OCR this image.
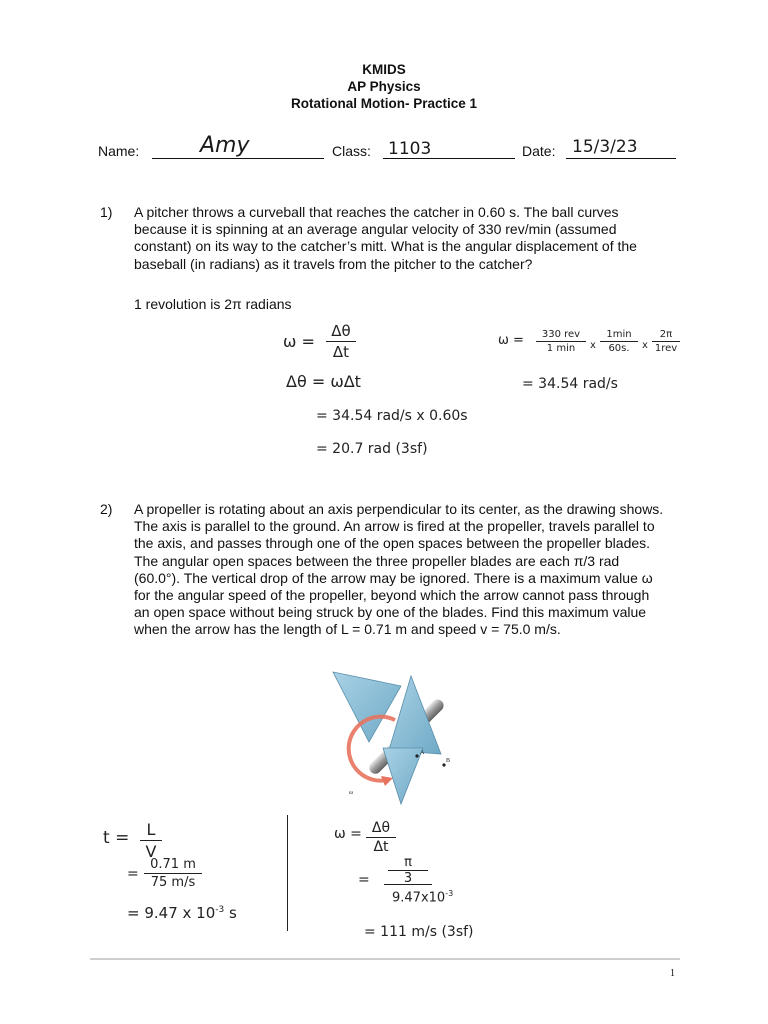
KMIDS
AP Physics
Rotational Motion- Practice 1
Name:	Amy	Class: 1103	Date: 15/3/23
1) A pitcher throws a curveball that reaches the catcher in 0.60 s. The ball curves because it is spinning at an average angular velocity of 330 rev/min (assumed constant) on its way to the catcher’s mitt. What is the angular displacement of the baseball (in radians) as it travels from the pitcher to the catcher?
1 revolution is 2π radians
ω =
Δθ
Δt
Δθ = ωΔt
= 34.54 rad/s x 0.60s
= 20.7 rad (3sf)
ω =	330 rev
1 min	x
1min
60s.	x
2π
1rev
= 34.54 rad/s
2) A propeller is rotating about an axis perpendicular to its center, as the drawing shows. The axis is parallel to the ground. An arrow is fired at the propeller, travels parallel to the axis, and passes through one of the open spaces between the propeller blades. The angular open spaces between the three propeller blades are each π/3 rad (60.0°). The vertical drop of the arrow may be ignored. There is a maximum value ω for the angular speed of the propeller, beyond which the arrow cannot pass through an open space without being struck by one of the blades. Find this maximum value when the arrow has the length of L = 0.71 m and speed v = 75.0 m/s.
A
B
ω
t =	L
V
=
0.71 m
75 m/s
= 9.47 x $10^{-3}$ s
ω = Δθ
Δt
=
π
3
$9.47x10^{-3}$
= 111 m/s (3sf)
1
